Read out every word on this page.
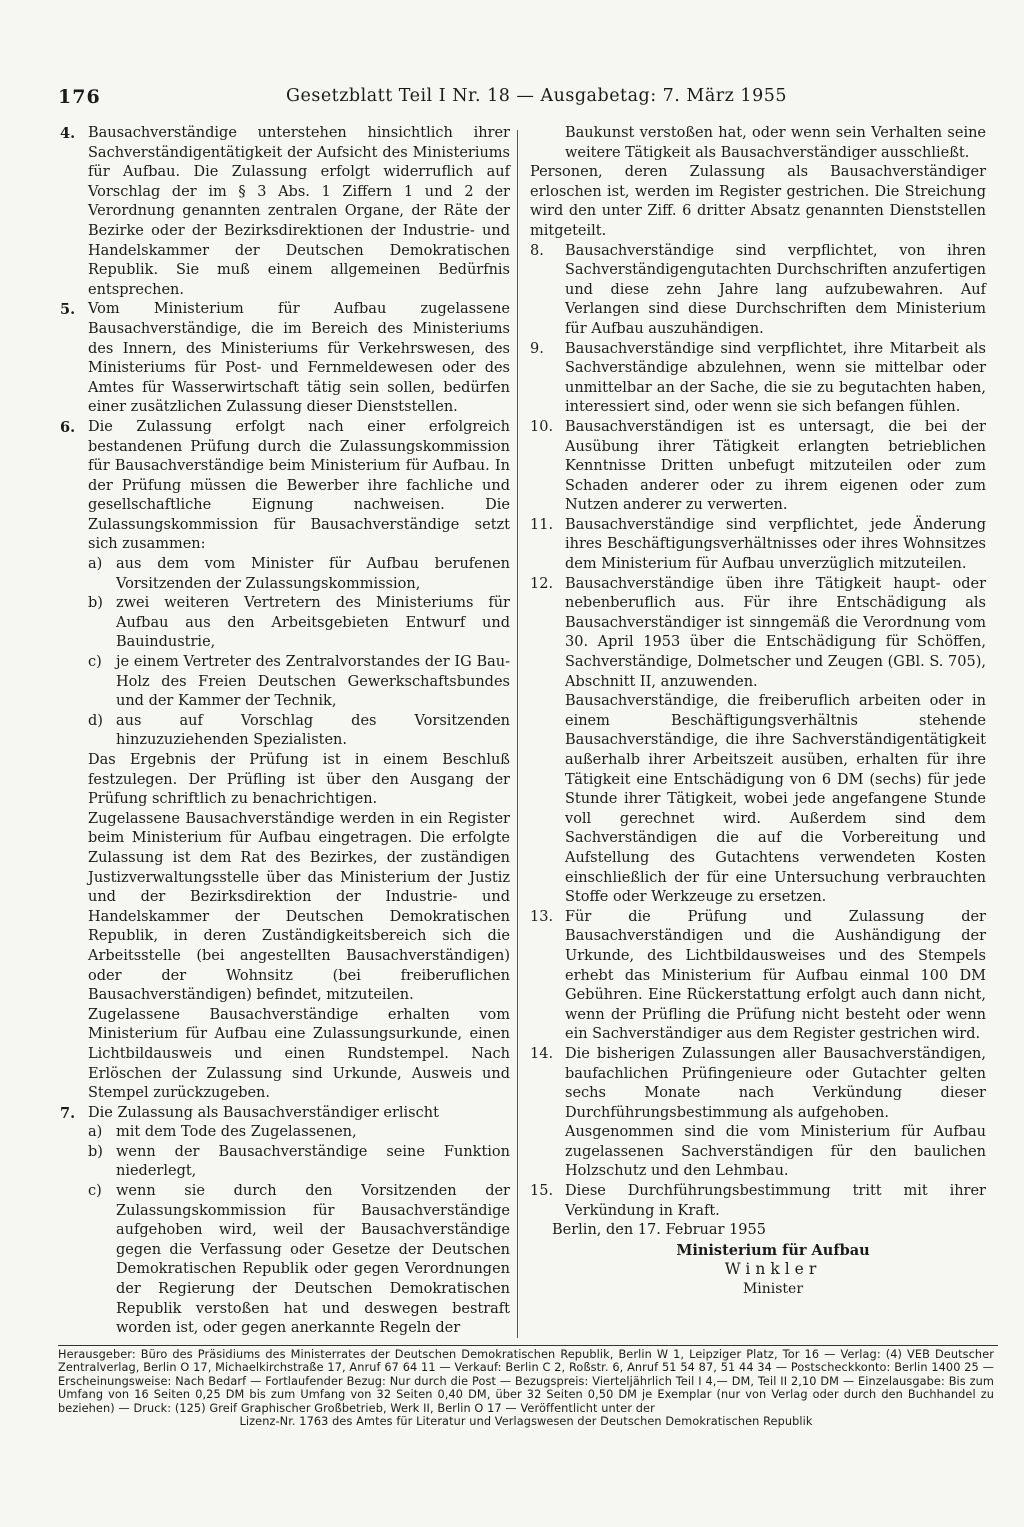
176	Gesetzblatt Teil I Nr. 18 — Ausgabetag: 7. März 1955
4. Bausachverständige unterstehen hinsichtlich ihrer Sachverständigentätigkeit der Aufsicht des Ministeriums für Aufbau. Die Zulassung erfolgt widerruflich auf Vorschlag der im § 3 Abs. 1 Ziffern 1 und 2 der Verordnung genannten zentralen Organe, der Räte der Bezirke oder der Bezirksdirektionen der Industrie- und Handelskammer der Deutschen Demokratischen Republik. Sie muß einem allgemeinen Bedürfnis entsprechen.

5. Vom Ministerium für Aufbau zugelassene Bausachverständige, die im Bereich des Ministeriums des Innern, des Ministeriums für Verkehrswesen, des Ministeriums für Post- und Fernmeldewesen oder des Amtes für Wasserwirtschaft tätig sein sollen, bedürfen einer zusätzlichen Zulassung dieser Dienststellen.

6. Die Zulassung erfolgt nach einer erfolgreich bestandenen Prüfung durch die Zulassungskommission für Bausachverständige beim Ministerium für Aufbau. In der Prüfung müssen die Bewerber ihre fachliche und gesellschaftliche Eignung nachweisen. Die Zulassungskommission für Bausachverständige setzt sich zusammen:

a) aus dem vom Minister für Aufbau berufenen Vorsitzenden der Zulassungskommission,
b) zwei weiteren Vertretern des Ministeriums für Aufbau aus den Arbeitsgebieten Entwurf und Bauindustrie,
c) je einem Vertreter des Zentralvorstandes der IG Bau-Holz des Freien Deutschen Gewerkschaftsbundes und der Kammer der Technik,
d) aus auf Vorschlag des Vorsitzenden hinzuzuziehenden Spezialisten.

Das Ergebnis der Prüfung ist in einem Beschluß festzulegen. Der Prüfling ist über den Ausgang der Prüfung schriftlich zu benachrichtigen.

Zugelassene Bausachverständige werden in ein Register beim Ministerium für Aufbau eingetragen. Die erfolgte Zulassung ist dem Rat des Bezirkes, der zuständigen Justizverwaltungsstelle über das Ministerium der Justiz und der Bezirksdirektion der Industrie- und Handelskammer der Deutschen Demokratischen Republik, in deren Zuständigkeitsbereich sich die Arbeitsstelle (bei angestellten Bausachverständigen) oder der Wohnsitz (bei freiberuflichen Bausachverständigen) befindet, mitzuteilen.

Zugelassene Bausachverständige erhalten vom Ministerium für Aufbau eine Zulassungsurkunde, einen Lichtbildausweis und einen Rundstempel. Nach Erlöschen der Zulassung sind Urkunde, Ausweis und Stempel zurückzugeben.

7. Die Zulassung als Bausachverständiger erlischt

a) mit dem Tode des Zugelassenen,
b) wenn der Bausachverständige seine Funktion niederlegt,
c) wenn sie durch den Vorsitzenden der Zulassungskommission für Bausachverständige aufgehoben wird, weil der Bausachverständige gegen die Verfassung oder Gesetze der Deutschen Demokratischen Republik oder gegen Verordnungen der Regierung der Deutschen Demokratischen Republik verstoßen hat und deswegen bestraft worden ist, oder gegen anerkannte Regeln der

Baukunst verstoßen hat, oder wenn sein Verhalten seine weitere Tätigkeit als Bausachverständiger ausschließt.

Personen, deren Zulassung als Bausachverständiger erloschen ist, werden im Register gestrichen. Die Streichung wird den unter Ziff. 6 dritter Absatz genannten Dienststellen mitgeteilt.

8. Bausachverständige sind verpflichtet, von ihren Sachverständigengutachten Durchschriften anzufertigen und diese zehn Jahre lang aufzubewahren. Auf Verlangen sind diese Durchschriften dem Ministerium für Aufbau auszuhändigen.

9. Bausachverständige sind verpflichtet, ihre Mitarbeit als Sachverständige abzulehnen, wenn sie mittelbar oder unmittelbar an der Sache, die sie zu begutachten haben, interessiert sind, oder wenn sie sich befangen fühlen.

10. Bausachverständigen ist es untersagt, die bei der Ausübung ihrer Tätigkeit erlangten betrieblichen Kenntnisse Dritten unbefugt mitzuteilen oder zum Schaden anderer oder zu ihrem eigenen oder zum Nutzen anderer zu verwerten.

11. Bausachverständige sind verpflichtet, jede Änderung ihres Beschäftigungsverhältnisses oder ihres Wohnsitzes dem Ministerium für Aufbau unverzüglich mitzuteilen.

12. Bausachverständige üben ihre Tätigkeit haupt- oder nebenberuflich aus. Für ihre Entschädigung als Bausachverständiger ist sinngemäß die Verordnung vom 30. April 1953 über die Entschädigung für Schöffen, Sachverständige, Dolmetscher und Zeugen (GBl. S. 705), Abschnitt II, anzuwenden.

Bausachverständige, die freiberuflich arbeiten oder in einem Beschäftigungsverhältnis stehende Bausachverständige, die ihre Sachverständigentätigkeit außerhalb ihrer Arbeitszeit ausüben, erhalten für ihre Tätigkeit eine Entschädigung von 6 DM (sechs) für jede Stunde ihrer Tätigkeit, wobei jede angefangene Stunde voll gerechnet wird. Außerdem sind dem Sachverständigen die auf die Vorbereitung und Aufstellung des Gutachtens verwendeten Kosten einschließlich der für eine Untersuchung verbrauchten Stoffe oder Werkzeuge zu ersetzen.

13. Für die Prüfung und Zulassung der Bausachverständigen und die Aushändigung der Urkunde, des Lichtbildausweises und des Stempels erhebt das Ministerium für Aufbau einmal 100 DM Gebühren. Eine Rückerstattung erfolgt auch dann nicht, wenn der Prüfling die Prüfung nicht besteht oder wenn ein Sachverständiger aus dem Register gestrichen wird.

14. Die bisherigen Zulassungen aller Bausachverständigen, baufachlichen Prüfingenieure oder Gutachter gelten sechs Monate nach Verkündung dieser Durchführungsbestimmung als aufgehoben.

Ausgenommen sind die vom Ministerium für Aufbau zugelassenen Sachverständigen für den baulichen Holzschutz und den Lehmbau.

15. Diese Durchführungsbestimmung tritt mit ihrer Verkündung in Kraft.

Berlin, den 17. Februar 1955
Ministerium für Aufbau
Winkler
Minister
Herausgeber: Büro des Präsidiums des Ministerrates der Deutschen Demokratischen Republik, Berlin W 1, Leipziger Platz, Tor 16 — Verlag: (4) VEB Deutscher Zentralverlag, Berlin O 17, Michaelkirchstraße 17, Anruf 67 64 11 — Verkauf: Berlin C 2, Roßstr. 6, Anruf 51 54 87, 51 44 34 — Postscheckkonto: Berlin 1400 25 — Erscheinungsweise: Nach Bedarf — Fortlaufender Bezug: Nur durch die Post — Bezugspreis: Vierteljährlich Teil I 4,— DM, Teil II 2,10 DM — Einzelausgabe: Bis zum Umfang von 16 Seiten 0,25 DM bis zum Umfang von 32 Seiten 0,40 DM, über 32 Seiten 0,50 DM je Exemplar (nur von Verlag oder durch den Buchhandel zu beziehen) — Druck: (125) Greif Graphischer Großbetrieb, Werk II, Berlin O 17 — Veröffentlicht unter der
Lizenz-Nr. 1763 des Amtes für Literatur und Verlagswesen der Deutschen Demokratischen Republik
